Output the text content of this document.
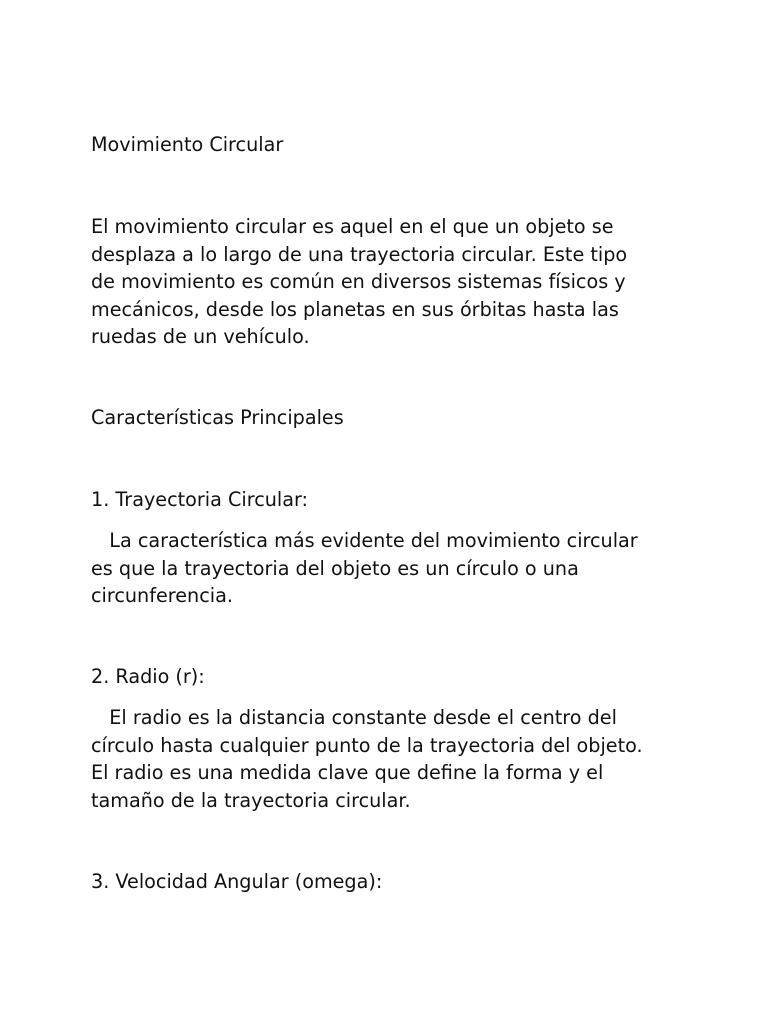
Movimiento Circular

El movimiento circular es aquel en el que un objeto se
desplaza a lo largo de una trayectoria circular. Este tipo
de movimiento es común en diversos sistemas físicos y
mecánicos, desde los planetas en sus órbitas hasta las
ruedas de un vehículo.

Características Principales

1. Trayectoria Circular:

La característica más evidente del movimiento circular
es que la trayectoria del objeto es un círculo o una
circunferencia.

2. Radio (r):

El radio es la distancia constante desde el centro del
círculo hasta cualquier punto de la trayectoria del objeto.
El radio es una medida clave que define la forma y el
tamaño de la trayectoria circular.

3. Velocidad Angular (omega):
